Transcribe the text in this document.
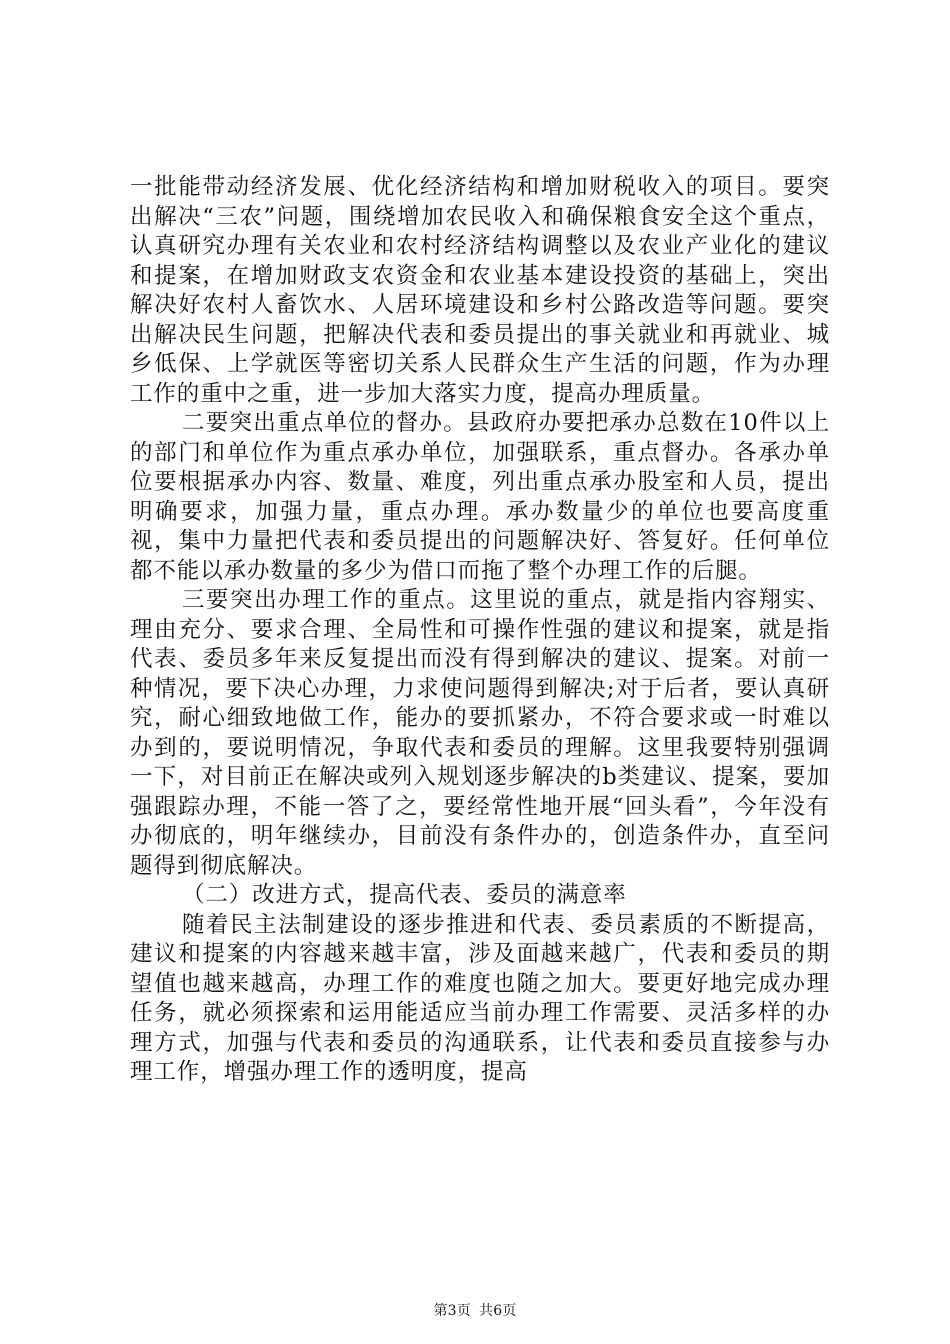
一批能带动经济发展、优化经济结构和增加财税收入的项目。要突出解决“三农”问题，围绕增加农民收入和确保粮食安全这个重点，认真研究办理有关农业和农村经济结构调整以及农业产业化的建议和提案，在增加财政支农资金和农业基本建设投资的基础上，突出解决好农村人畜饮水、人居环境建设和乡村公路改造等问题。要突出解决民生问题，把解决代表和委员提出的事关就业和再就业、城乡低保、上学就医等密切关系人民群众生产生活的问题，作为办理工作的重中之重，进一步加大落实力度，提高办理质量。

二要突出重点单位的督办。县政府办要把承办总数在10件以上的部门和单位作为重点承办单位，加强联系，重点督办。各承办单位要根据承办内容、数量、难度，列出重点承办股室和人员，提出明确要求，加强力量，重点办理。承办数量少的单位也要高度重视，集中力量把代表和委员提出的问题解决好、答复好。任何单位都不能以承办数量的多少为借口而拖了整个办理工作的后腿。

三要突出办理工作的重点。这里说的重点，就是指内容翔实、理由充分、要求合理、全局性和可操作性强的建议和提案，就是指代表、委员多年来反复提出而没有得到解决的建议、提案。对前一种情况，要下决心办理，力求使问题得到解决;对于后者，要认真研究，耐心细致地做工作，能办的要抓紧办，不符合要求或一时难以办到的，要说明情况，争取代表和委员的理解。这里我要特别强调一下，对目前正在解决或列入规划逐步解决的b类建议、提案，要加强跟踪办理，不能一答了之，要经常性地开展“回头看”，今年没有办彻底的，明年继续办，目前没有条件办的，创造条件办，直至问题得到彻底解决。

（二）改进方式，提高代表、委员的满意率

随着民主法制建设的逐步推进和代表、委员素质的不断提高，建议和提案的内容越来越丰富，涉及面越来越广，代表和委员的期望值也越来越高，办理工作的难度也随之加大。要更好地完成办理任务，就必须探索和运用能适应当前办理工作需要、灵活多样的办理方式，加强与代表和委员的沟通联系，让代表和委员直接参与办理工作，增强办理工作的透明度，提高

第3页 共6页
